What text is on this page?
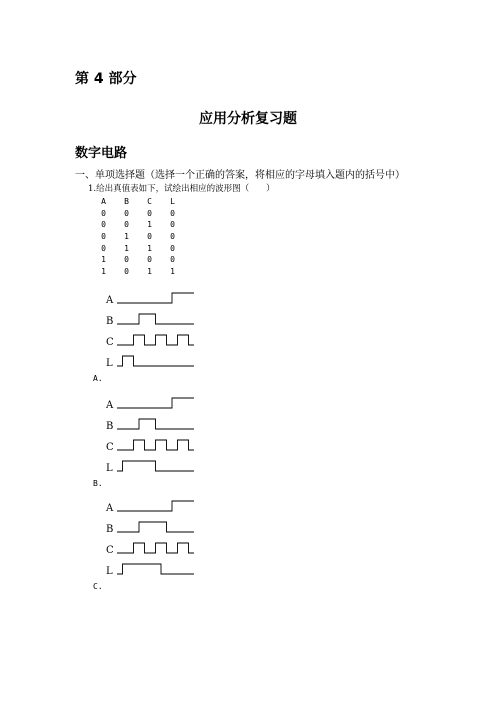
第 4 部分
应用分析复习题
数字电路
一、单项选择题（选择一个正确的答案，将相应的字母填入题内的括号中）
1.给出真值表如下，试绘出相应的波形图（　　）
A	B	C	L
0	0	0	0
0	0	1	0
0	1	0	0
0	1	1	0
1	0	0	0
1	0	1	1
A
B
C
L
A.
A
B
C
L
B.
A
B
C
L
C.
